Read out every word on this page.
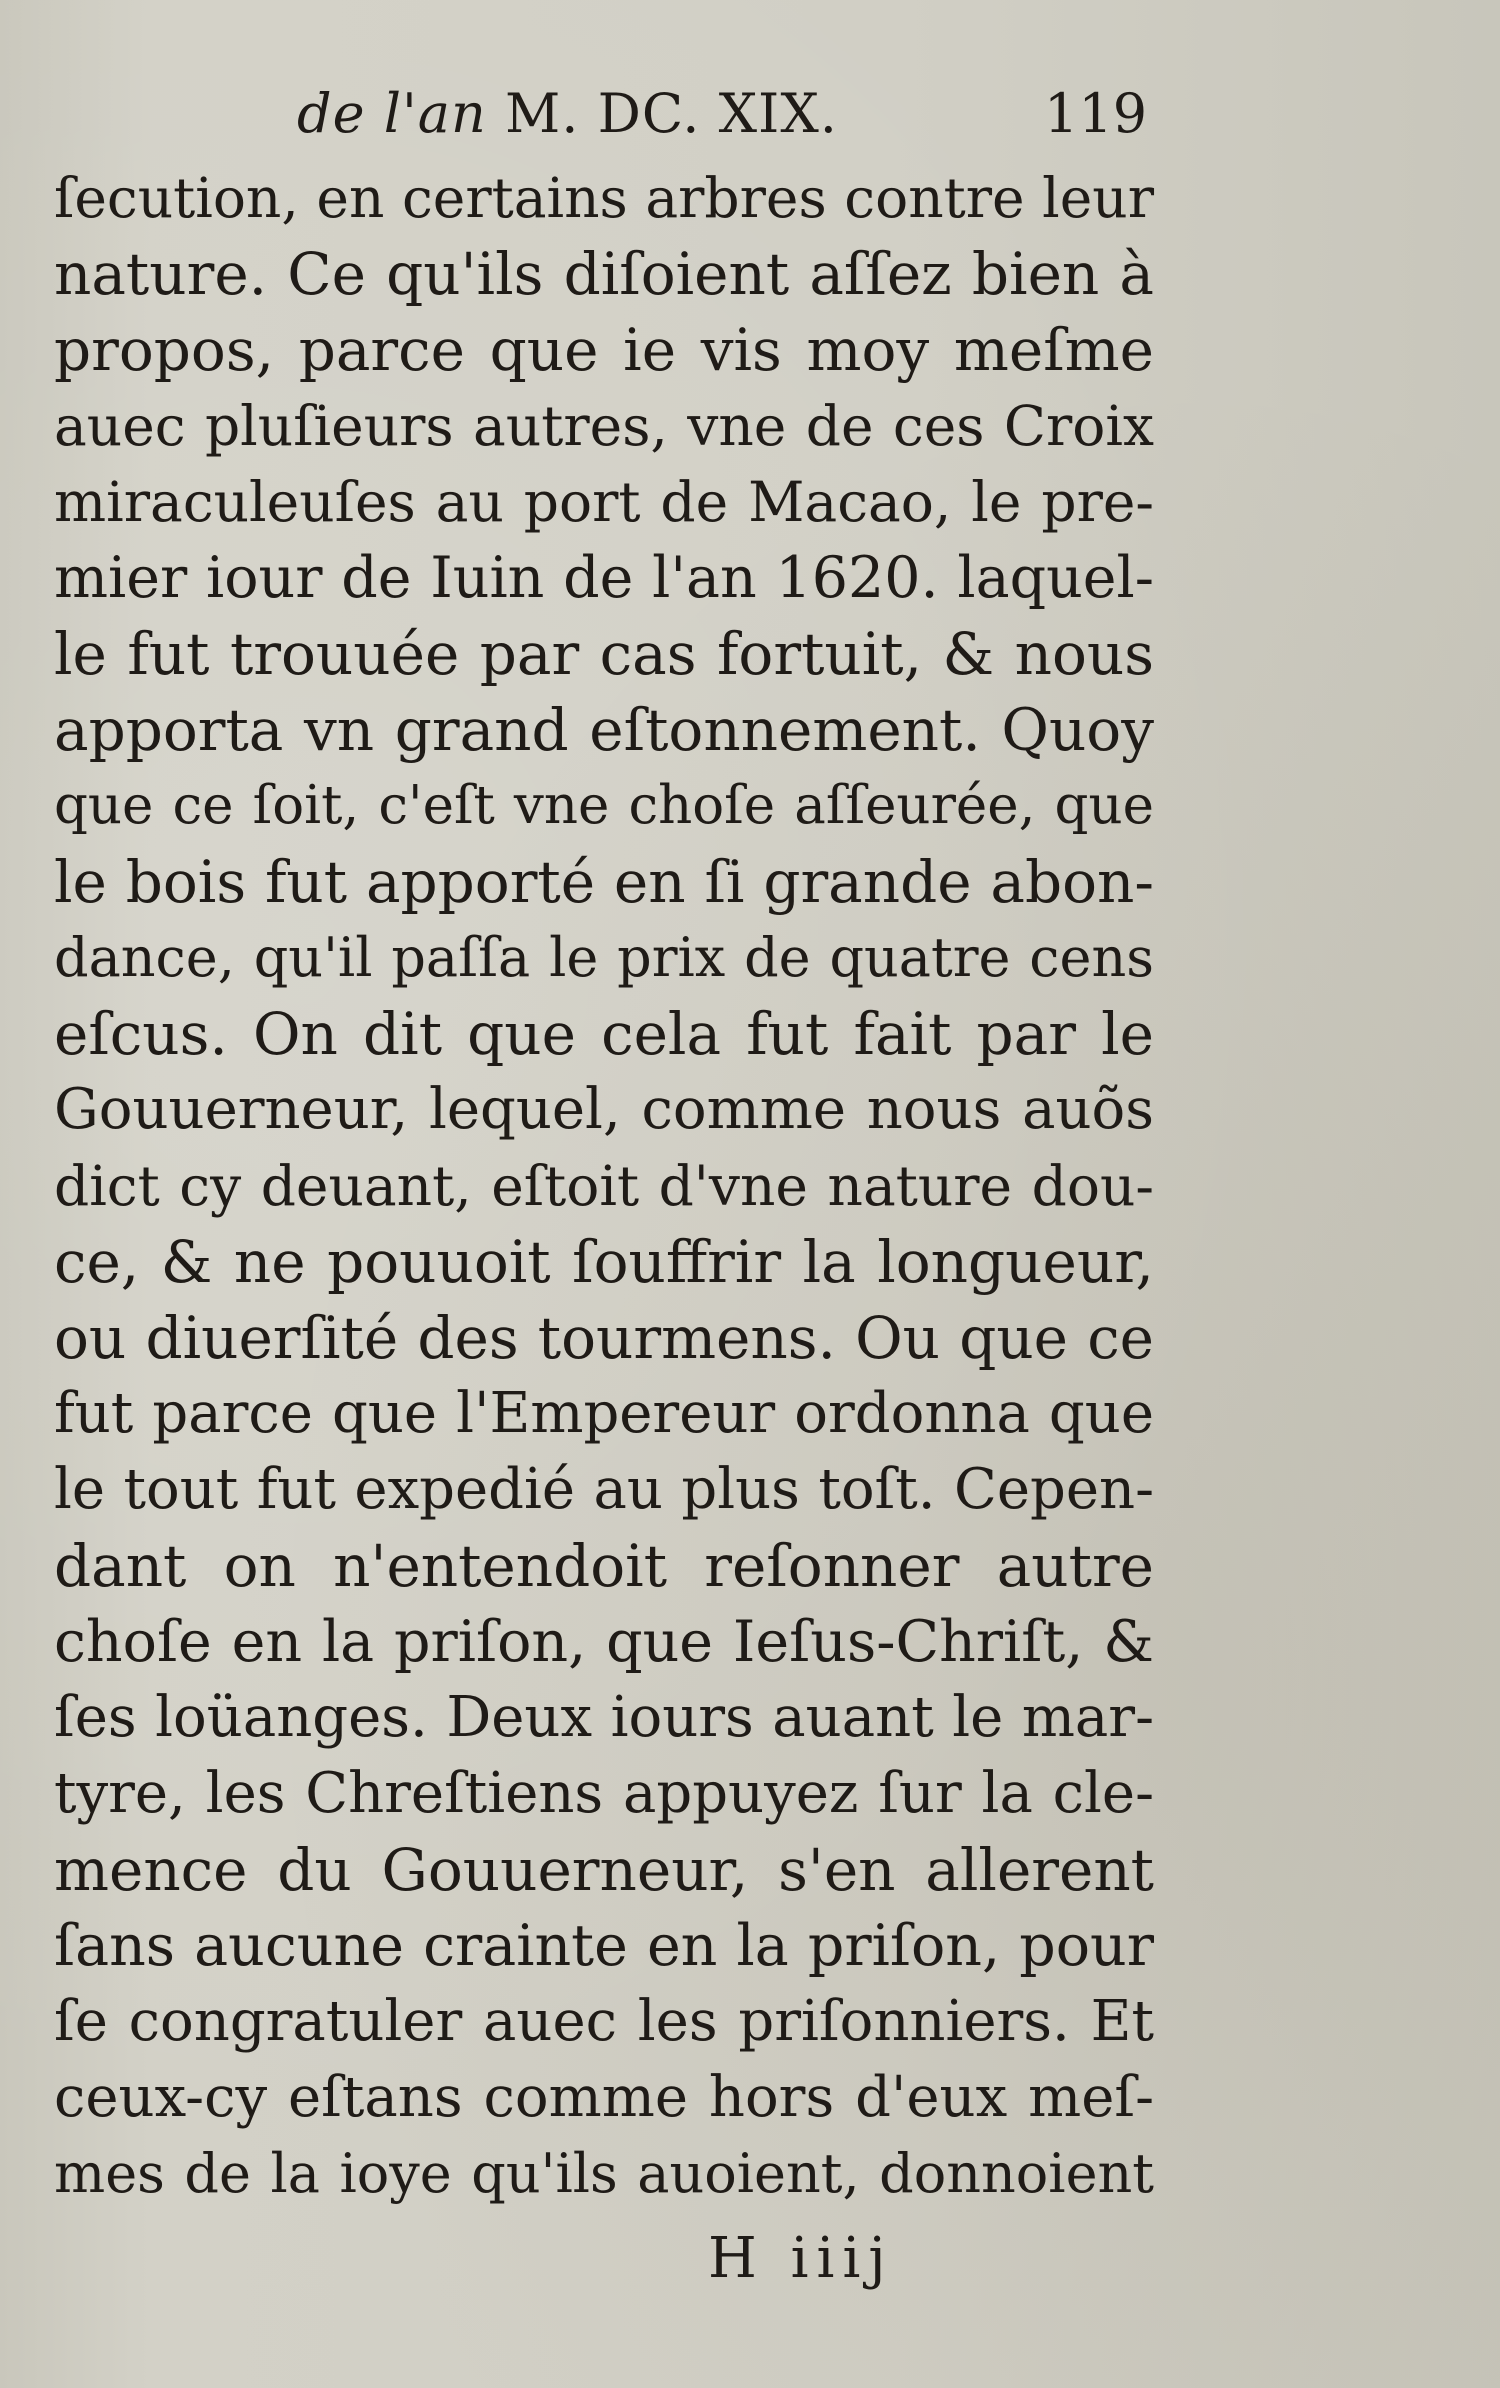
de l'an M. DC. XIX.	119
ſecution, en certains arbres contre leur
nature. Ce qu'ils diſoient aſſez bien à
propos, parce que ie vis moy meſme
auec pluſieurs autres, vne de ces Croix
miraculeuſes au port de Macao, le pre-
mier iour de Iuin de l'an 1620. laquel-
le fut trouuée par cas fortuit, & nous
apporta vn grand eſtonnement. Quoy
que ce ſoit, c'eſt vne choſe aſſeurée, que
le bois fut apporté en ſi grande abon-
dance, qu'il paſſa le prix de quatre cens
eſcus. On dit que cela fut fait par le
Gouuerneur, lequel, comme nous auõs
dict cy deuant, eſtoit d'vne nature dou-
ce, & ne pouuoit ſouffrir la longueur,
ou diuerſité des tourmens. Ou que ce
fut parce que l'Empereur ordonna que
le tout fut expedié au plus toſt. Cepen-
dant on n'entendoit reſonner autre
choſe en la priſon, que Ieſus-Chriſt, &
ſes loüanges. Deux iours auant le mar-
tyre, les Chreſtiens appuyez ſur la cle-
mence du Gouuerneur, s'en allerent
ſans aucune crainte en la priſon, pour
ſe congratuler auec les priſonniers. Et
ceux-cy eſtans comme hors d'eux meſ-
mes de la ioye qu'ils auoient, donnoient
H iiij
